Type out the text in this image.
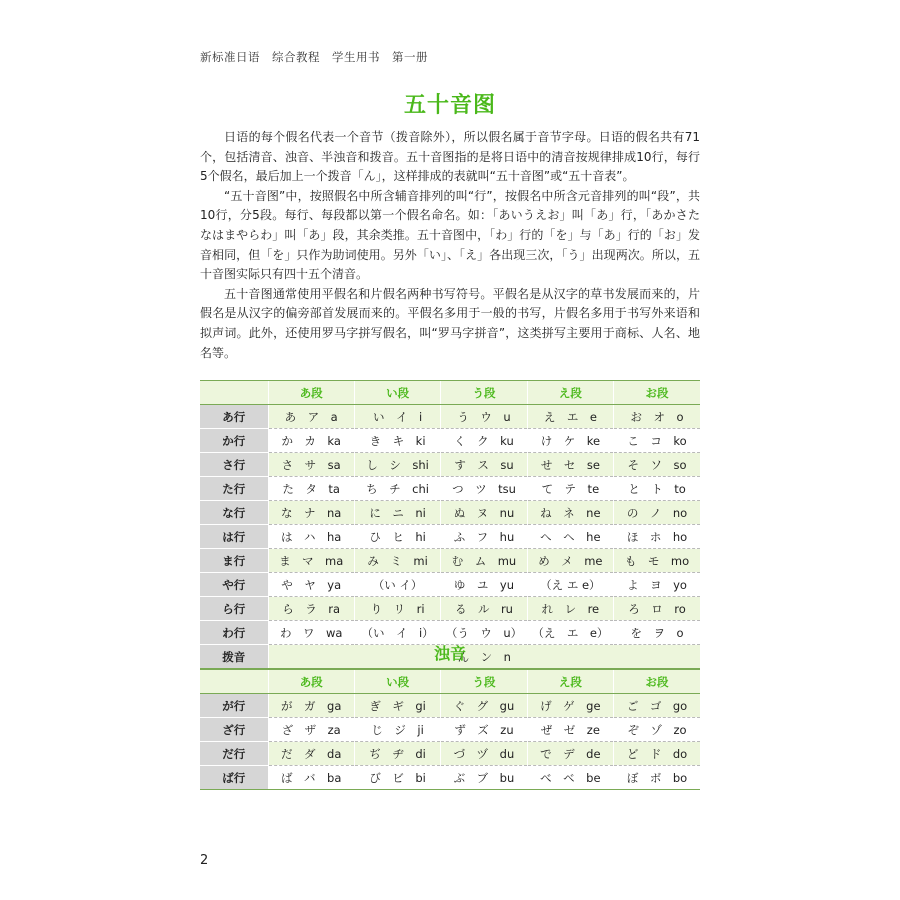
新标准日语　综合教程　学生用书　第一册
五十音图

日语的每个假名代表一个音节（拨音除外），所以假名属于音节字母。日语的假名共有71个，包括清音、浊音、半浊音和拨音。五十音图指的是将日语中的清音按规律排成10行，每行5个假名，最后加上一个拨音「ん」，这样排成的表就叫“五十音图”或“五十音表”。

“五十音图”中，按照假名中所含辅音排列的叫“行”，按假名中所含元音排列的叫“段”，共10行，分5段。每行、每段都以第一个假名命名。如：「あいうえお」叫「あ」行，「あかさたなはまやらわ」叫「あ」段，其余类推。五十音图中，「わ」行的「を」与「あ」行的「お」发音相同，但「を」只作为助词使用。另外「い」、「え」各出现三次，「う」出现两次。所以，五十音图实际只有四十五个清音。

五十音图通常使用平假名和片假名两种书写符号。平假名是从汉字的草书发展而来的，片假名是从汉字的偏旁部首发展而来的。平假名多用于一般的书写，片假名多用于书写外来语和拟声词。此外，还使用罗马字拼写假名，叫“罗马字拼音”，这类拼写主要用于商标、人名、地名等。

	あ段	い段	う段	え段	お段
あ行	あ　ア　a	い　イ　i	う　ウ　u	え　エ　e	お　オ　o
か行	か　カ　ka	き　キ　ki	く　ク　ku	け　ケ　ke	こ　コ　ko
さ行	さ　サ　sa	し　シ　shi	す　ス　su	せ　セ　se	そ　ソ　so
た行	た　タ　ta	ち　チ　chi	つ　ツ　tsu	て　テ　te	と　ト　to
な行	な　ナ　na	に　ニ　ni	ぬ　ヌ　nu	ね　ネ　ne	の　ノ　no
は行	は　ハ　ha	ひ　ヒ　hi	ふ　フ　hu	へ　ヘ　he	ほ　ホ　ho
ま行	ま　マ　ma	み　ミ　mi	む　ム　mu	め　メ　me	も　モ　mo
や行	や　ヤ　ya	（い イ）	ゆ　ユ　yu	（え エ e）	よ　ヨ　yo
ら行	ら　ラ　ra	り　リ　ri	る　ル　ru	れ　レ　re	ろ　ロ　ro
わ行	わ　ワ　wa	（い　イ　i）	（う　ウ　u）	（え　エ　e）	を　ヲ　o
拨音	ん　ン　n				
浊音
	あ段	い段	う段	え段	お段
が行	が　ガ　ga	ぎ　ギ　gi	ぐ　グ　gu	げ　ゲ　ge	ご　ゴ　go
ざ行	ざ　ザ　za	じ　ジ　ji	ず　ズ　zu	ぜ　ゼ　ze	ぞ　ゾ　zo
だ行	だ　ダ　da	ぢ　ヂ　di	づ　ヅ　du	で　デ　de	ど　ド　do
ば行	ば　バ　ba	び　ビ　bi	ぶ　ブ　bu	べ　ベ　be	ぼ　ボ　bo
2
